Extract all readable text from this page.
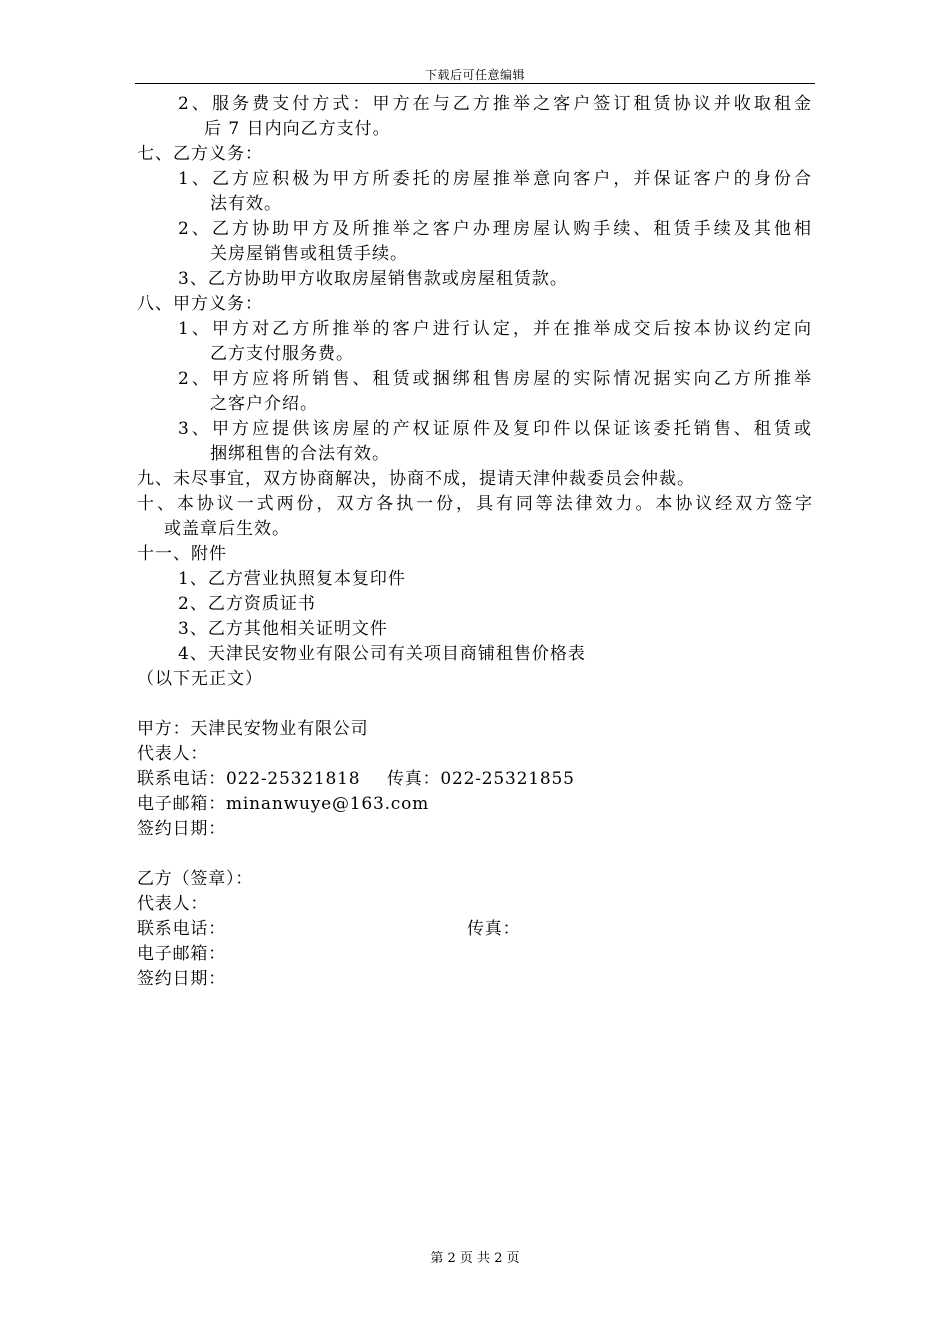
下载后可任意编辑
2、服务费支付方式：甲方在与乙方推举之客户签订租赁协议并收取租金
后 7 日内向乙方支付。
七、乙方义务：
1、乙方应积极为甲方所委托的房屋推举意向客户，并保证客户的身份合
法有效。
2、乙方协助甲方及所推举之客户办理房屋认购手续、租赁手续及其他相
关房屋销售或租赁手续。
3、乙方协助甲方收取房屋销售款或房屋租赁款。
八、甲方义务：
1、甲方对乙方所推举的客户进行认定，并在推举成交后按本协议约定向
乙方支付服务费。
2、甲方应将所销售、租赁或捆绑租售房屋的实际情况据实向乙方所推举
之客户介绍。
3、甲方应提供该房屋的产权证原件及复印件以保证该委托销售、租赁或
捆绑租售的合法有效。
九、未尽事宜，双方协商解决，协商不成，提请天津仲裁委员会仲裁。
十、本协议一式两份，双方各执一份，具有同等法律效力。本协议经双方签字
或盖章后生效。
十一、附件
1、乙方营业执照复本复印件
2、乙方资质证书
3、乙方其他相关证明文件
4、天津民安物业有限公司有关项目商铺租售价格表
（以下无正文）
甲方：天津民安物业有限公司
代表人：
联系电话：022-25321818 传真：022-25321855
电子邮箱：minanwuye@163.com
签约日期：
乙方（签章）：
代表人：
联系电话：	传真：
电子邮箱：
签约日期：
第 2 页 共 2 页
